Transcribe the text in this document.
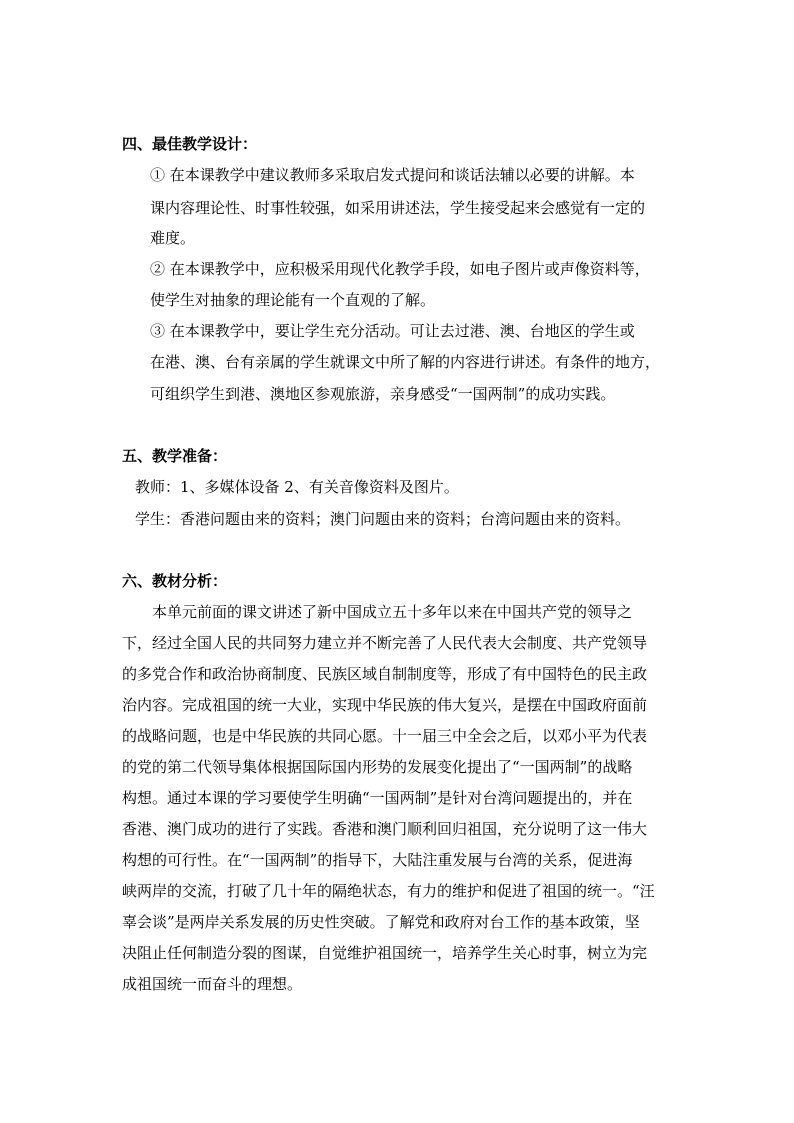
四、最佳教学设计：
① 在本课教学中建议教师多采取启发式提问和谈话法辅以必要的讲解。本
课内容理论性、时事性较强，如采用讲述法，学生接受起来会感觉有一定的
难度。
② 在本课教学中，应积极采用现代化教学手段，如电子图片或声像资料等，
使学生对抽象的理论能有一个直观的了解。
③ 在本课教学中，要让学生充分活动。可让去过港、澳、台地区的学生或
在港、澳、台有亲属的学生就课文中所了解的内容进行讲述。有条件的地方，
可组织学生到港、澳地区参观旅游，亲身感受“一国两制”的成功实践。
五、教学准备：
教师：1、多媒体设备 2、有关音像资料及图片。
学生：香港问题由来的资料；澳门问题由来的资料；台湾问题由来的资料。
六、教材分析：
本单元前面的课文讲述了新中国成立五十多年以来在中国共产党的领导之
下，经过全国人民的共同努力建立并不断完善了人民代表大会制度、共产党领导
的多党合作和政治协商制度、民族区域自制制度等，形成了有中国特色的民主政
治内容。完成祖国的统一大业，实现中华民族的伟大复兴，是摆在中国政府面前
的战略问题，也是中华民族的共同心愿。十一届三中全会之后，以邓小平为代表
的党的第二代领导集体根据国际国内形势的发展变化提出了“一国两制”的战略
构想。通过本课的学习要使学生明确“一国两制”是针对台湾问题提出的，并在
香港、澳门成功的进行了实践。香港和澳门顺利回归祖国，充分说明了这一伟大
构想的可行性。在“一国两制”的指导下，大陆注重发展与台湾的关系，促进海
峡两岸的交流，打破了几十年的隔绝状态，有力的维护和促进了祖国的统一。“汪
辜会谈”是两岸关系发展的历史性突破。了解党和政府对台工作的基本政策，坚
决阻止任何制造分裂的图谋，自觉维护祖国统一，培养学生关心时事，树立为完
成祖国统一而奋斗的理想。
